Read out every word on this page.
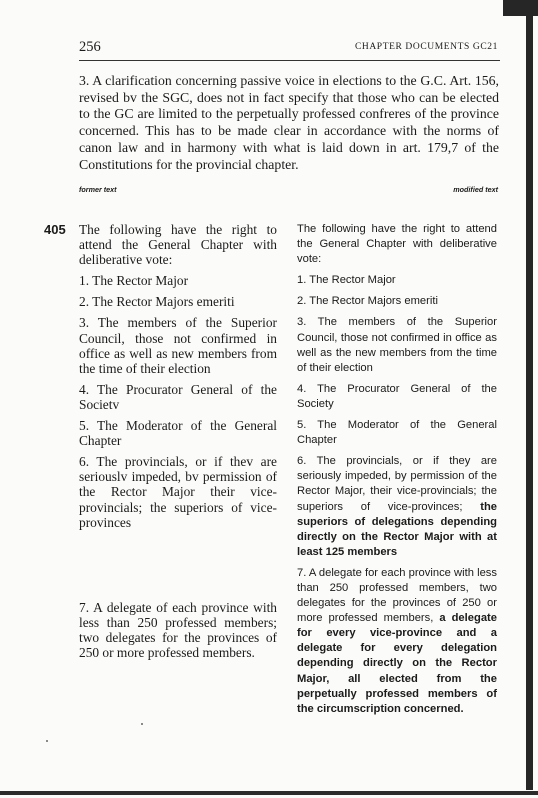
256	CHAPTER DOCUMENTS GC21

3. A clarification concerning passive voice in elections to the G.C. Art. 156, revised bv the SGC, does not in fact specify that those who can be elected to the GC are limited to the perpetually professed confreres of the province concerned. This has to be made clear in accordance with the norms of canon law and in harmony with what is laid down in art. 179,7 of the Constitutions for the provincial chapter.

former text	modified text
405 The following have the right to attend the General Chapter with deliberative vote:

1. The Rector Major

2. The Rector Majors emeriti

3. The members of the Superior Council, those not confirmed in office as well as new members from the time of their election

4. The Procurator General of the Societv

5. The Moderator of the General Chapter

6. The provincials, or if thev are seriouslv impeded, bv permission of the Rector Major their vice-provincials; the superiors of vice-provinces

7. A delegate of each province with less than 250 professed members; two delegates for the provinces of 250 or more professed members.

The following have the right to attend the General Chapter with deliberative vote:

1. The Rector Major

2. The Rector Majors emeriti

3. The members of the Superior Council, those not confirmed in office as well as the new members from the time of their election

4. The Procurator General of the Society

5. The Moderator of the General Chapter

6. The provincials, or if they are seriously impeded, by permission of the Rector Major, their vice-provincials; the superiors of vice-provinces; the superiors of delegations depending directly on the Rector Major with at least 125 members

7. A delegate for each province with less than 250 professed members, two delegates for the provinces of 250 or more professed members, a delegate for every vice-province and a delegate for every delegation depending directly on the Rector Major, all elected from the perpetually professed members of the circumscription concerned.
